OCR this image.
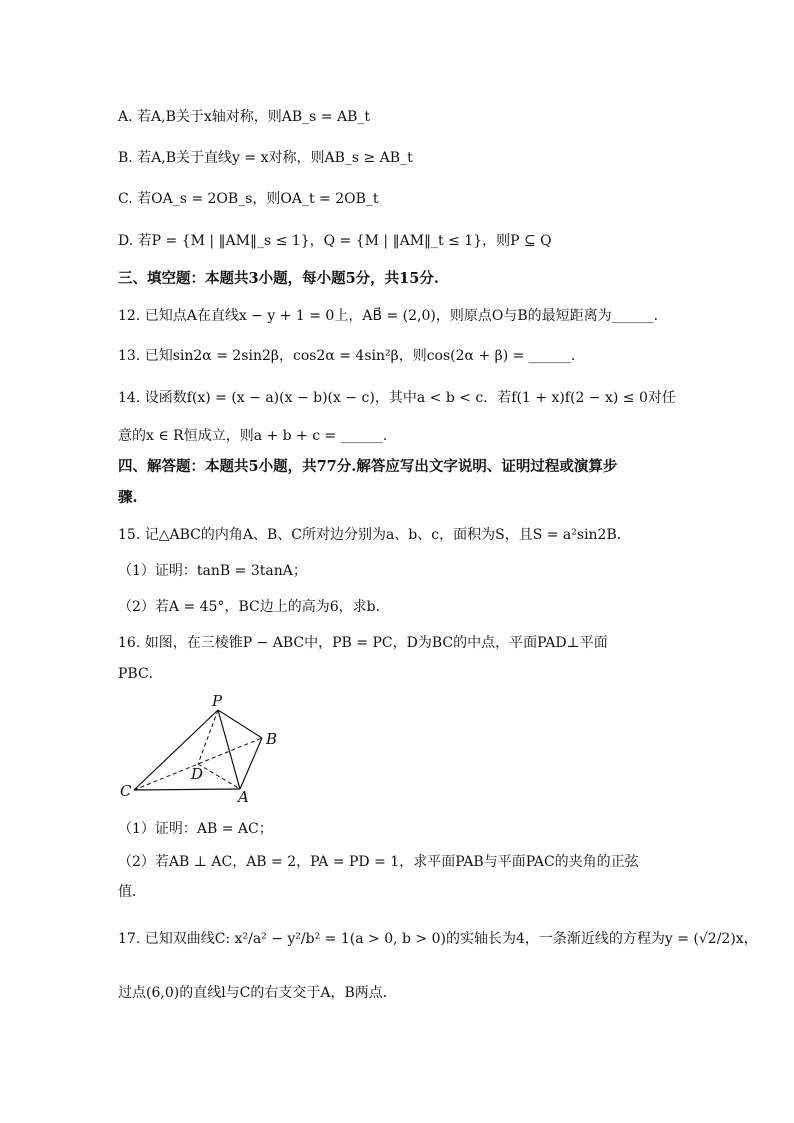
A. 若A,B关于x轴对称，则AB_s = AB_t
B. 若A,B关于直线y = x对称，则AB_s ≥ AB_t
C. 若OA_s = 2OB_s，则OA_t = 2OB_t
D. 若P = {M | ‖AM‖_s ≤ 1}，Q = {M | ‖AM‖_t ≤ 1}，则P ⊆ Q
三、填空题：本题共3小题，每小题5分，共15分.
12. 已知点A在直线x − y + 1 = 0上，AB⃗ = (2,0)，则原点O与B的最短距离为______.
13. 已知sin2α = 2sin2β，cos2α = 4sin²β，则cos(2α + β) = ______.
14. 设函数f(x) = (x − a)(x − b)(x − c)，其中a < b < c．若f(1 + x)f(2 − x) ≤ 0对任
意的x ∈ R恒成立，则a + b + c = ______.
四、解答题：本题共5小题，共77分.解答应写出文字说明、证明过程或演算步
骤.
15. 记△ABC的内角A、B、C所对边分别为a、b、c，面积为S，且S = a²sin2B．
（1）证明：tanB = 3tanA；
（2）若A = 45°，BC边上的高为6，求b．
16. 如图，在三棱锥P − ABC中，PB = PC，D为BC的中点，平面PAD⊥平面
PBC．
P
B
D
C	A
（1）证明：AB = AC；
（2）若AB ⊥ AC，AB = 2，PA = PD = 1，求平面PAB与平面PAC的夹角的正弦
值．
17. 已知双曲线C: x²/a² − y²/b² = 1(a > 0, b > 0)的实轴长为4，一条渐近线的方程为y = (√2/2)x，
过点(6,0)的直线l与C的右支交于A，B两点．
